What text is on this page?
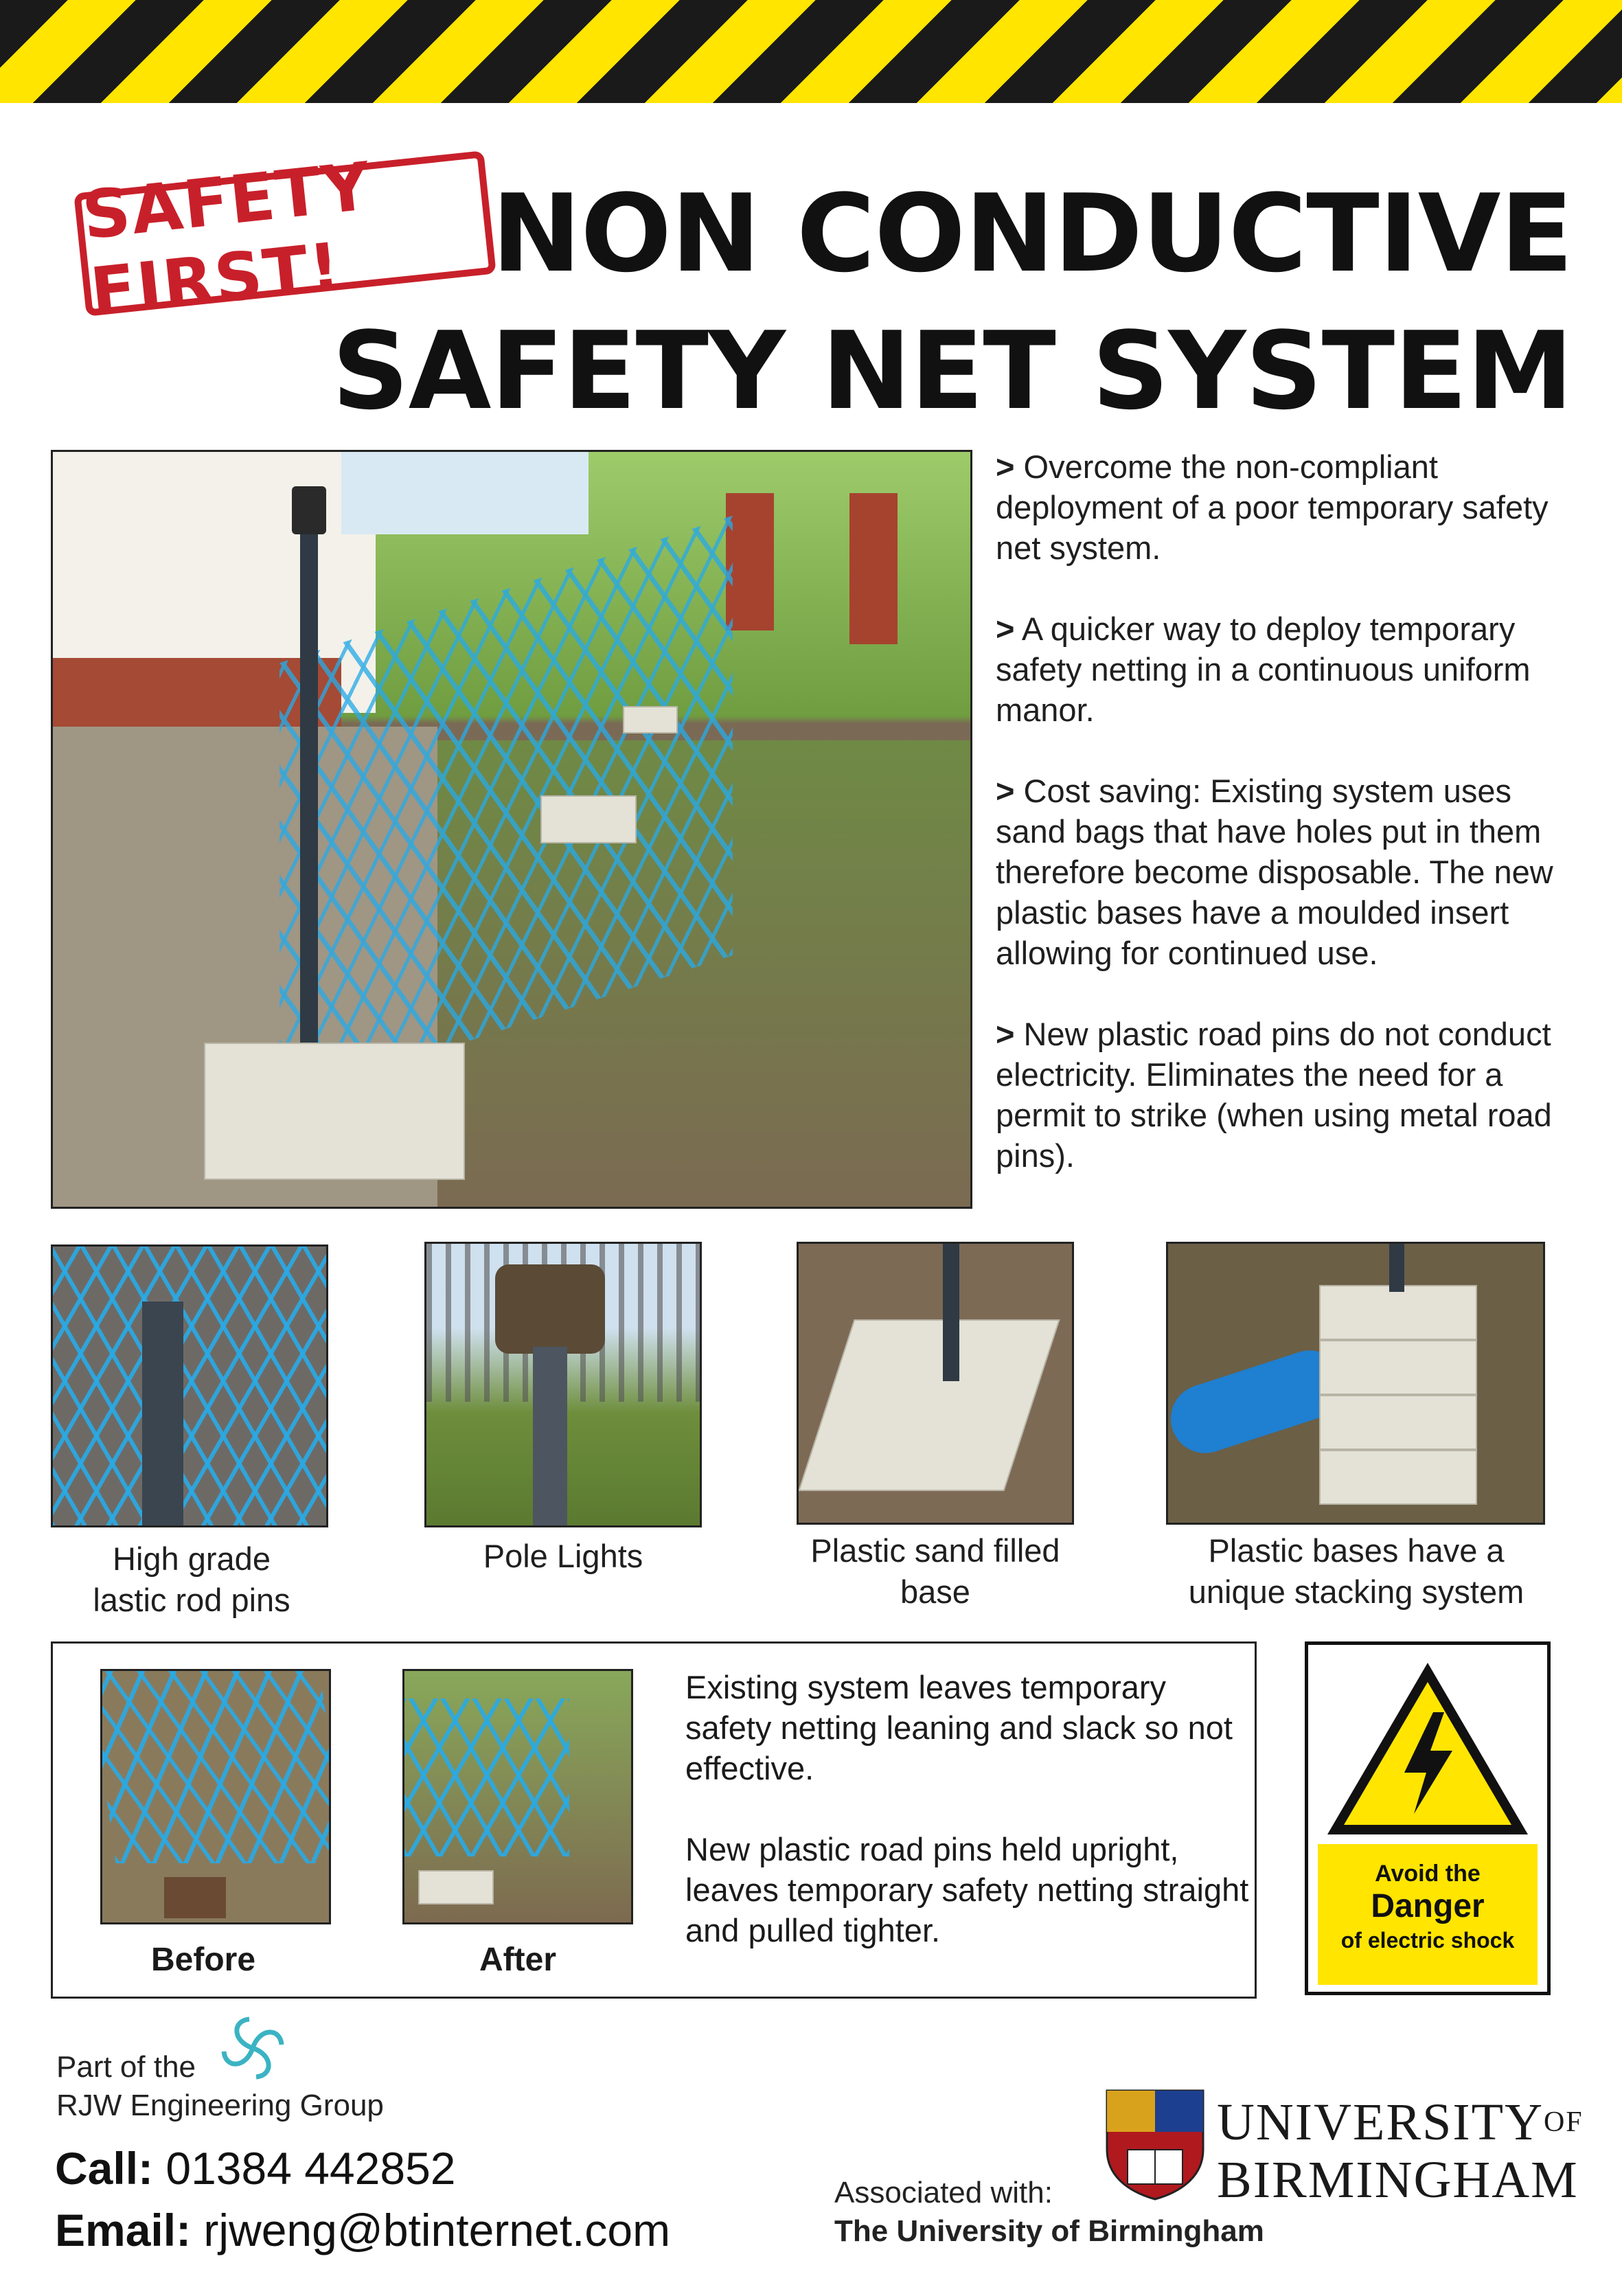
SAFETY FIRST!	NON CONDUCTIVE
SAFETY NET SYSTEM

> Overcome the non-compliant deployment of a poor temporary safety net system.

> A quicker way to deploy temporary safety netting in a continuous uniform manor.

> Cost saving: Existing system uses sand bags that have holes put in them therefore become disposable. The new plastic bases have a moulded insert allowing for continued use.

> New plastic road pins do not conduct electricity. Eliminates the need for a permit to strike (when using metal road pins).

High grade lastic rod pins
Pole Lights	Plastic sand filled base
Plastic bases have a unique stacking system
Before	After

Existing system leaves temporary safety netting leaning and slack so not effective.

New plastic road pins held upright, leaves temporary safety netting straight and pulled tighter.

Avoid the
Danger
of electric shock
Part of the
RJW Engineering Group
Call: 01384 442852
Email: rjweng@btinternet.com
Associated with:
The University of Birmingham
$UNIVERSITY^{OF}$
BIRMINGHAM
